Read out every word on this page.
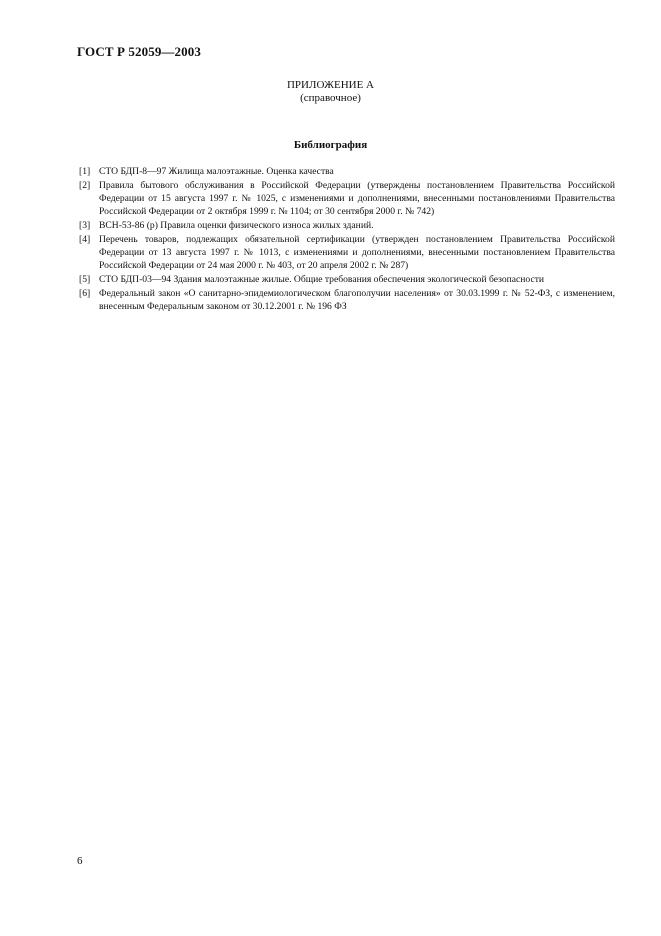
ГОСТ Р 52059—2003
ПРИЛОЖЕНИЕ А
(справочное)
Библиография
[1] СТО БДП-8—97 Жилища малоэтажные. Оценка качества
[2] Правила бытового обслуживания в Российской Федерации (утверждены постановлением Правительства Российской Федерации от 15 августа 1997 г. № 1025, с изменениями и дополнениями, внесенными постановлениями Правительства Российской Федерации от 2 октября 1999 г. № 1104; от 30 сентября 2000 г. № 742)
[3] ВСН-53-86 (р) Правила оценки физического износа жилых зданий.
[4] Перечень товаров, подлежащих обязательной сертификации (утвержден постановлением Правительства Российской Федерации от 13 августа 1997 г. № 1013, с изменениями и дополнениями, внесенными постановлением Правительства Российской Федерации от 24 мая 2000 г. № 403, от 20 апреля 2002 г. № 287)
[5] СТО БДП-03—94 Здания малоэтажные жилые. Общие требования обеспечения экологической безопасности
[6] Федеральный закон «О санитарно-эпидемиологическом благополучии населения» от 30.03.1999 г. № 52-ФЗ, с изменением, внесенным Федеральным законом от 30.12.2001 г. № 196 ФЗ
6
